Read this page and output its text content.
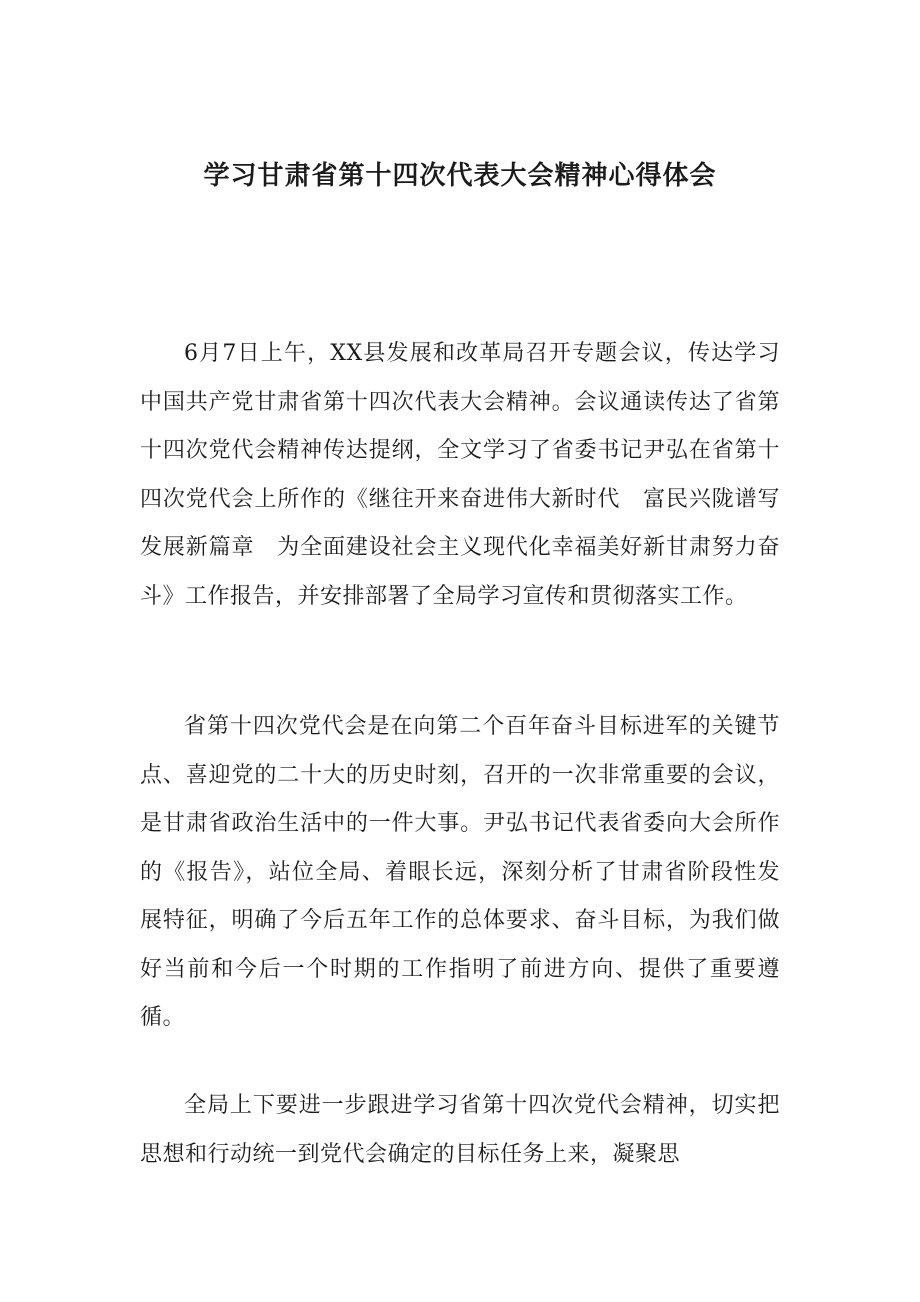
学习甘肃省第十四次代表大会精神心得体会

6月7日上午，XX县发展和改革局召开专题会议，传达学习中国共产党甘肃省第十四次代表大会精神。会议通读传达了省第十四次党代会精神传达提纲，全文学习了省委书记尹弘在省第十四次党代会上所作的《继往开来奋进伟大新时代　富民兴陇谱写发展新篇章　为全面建设社会主义现代化幸福美好新甘肃努力奋斗》工作报告，并安排部署了全局学习宣传和贯彻落实工作。

省第十四次党代会是在向第二个百年奋斗目标进军的关键节点、喜迎党的二十大的历史时刻，召开的一次非常重要的会议，是甘肃省政治生活中的一件大事。尹弘书记代表省委向大会所作的《报告》，站位全局、着眼长远，深刻分析了甘肃省阶段性发展特征，明确了今后五年工作的总体要求、奋斗目标，为我们做好当前和今后一个时期的工作指明了前进方向、提供了重要遵循。

全局上下要进一步跟进学习省第十四次党代会精神，切实把思想和行动统一到党代会确定的目标任务上来，凝聚思
